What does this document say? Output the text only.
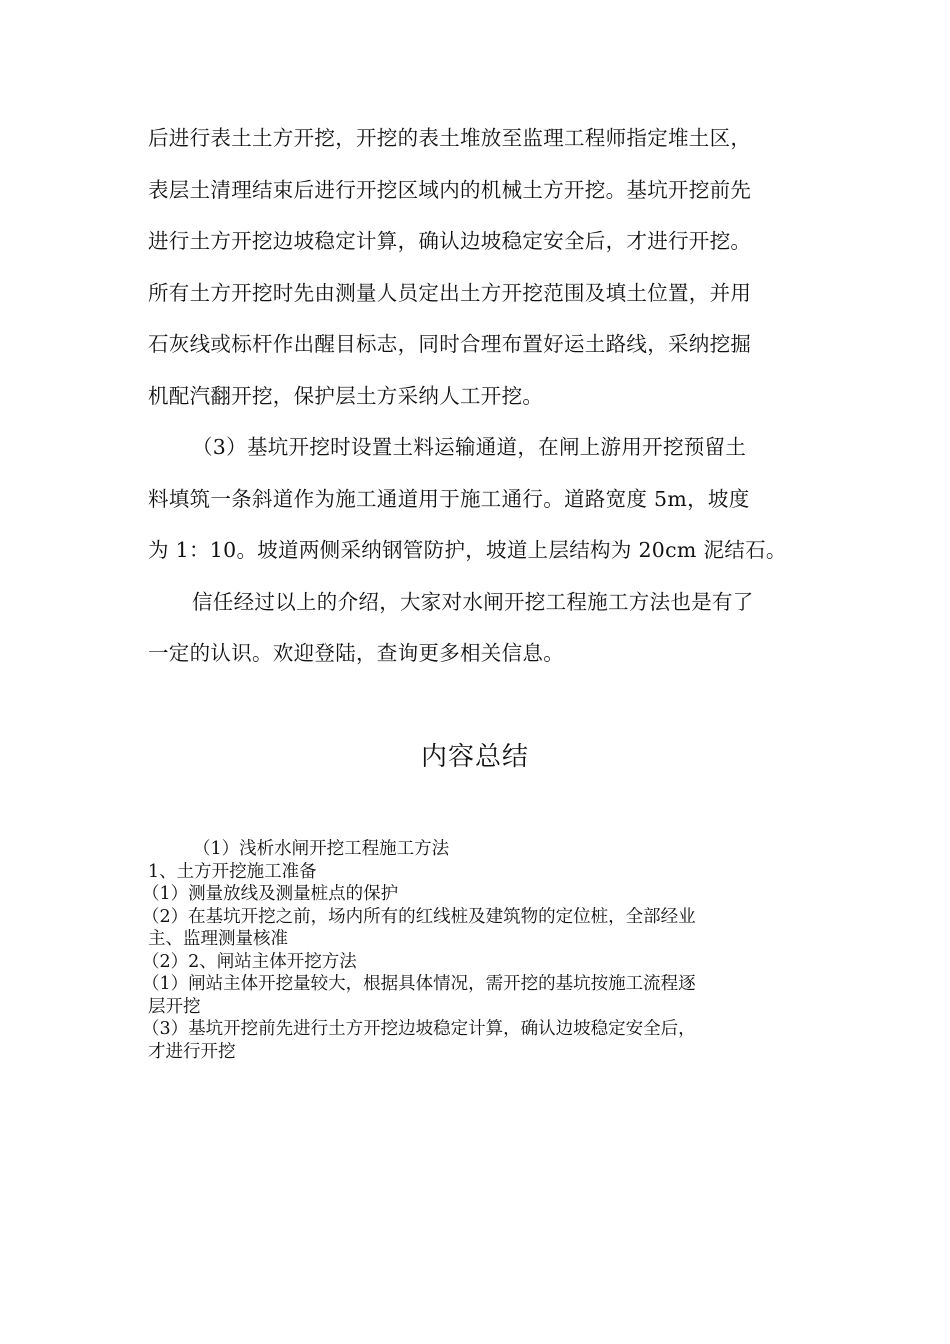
后进行表土土方开挖，开挖的表土堆放至监理工程师指定堆土区，
表层土清理结束后进行开挖区域内的机械土方开挖。基坑开挖前先
进行土方开挖边坡稳定计算，确认边坡稳定安全后，才进行开挖。
所有土方开挖时先由测量人员定出土方开挖范围及填土位置，并用
石灰线或标杆作出醒目标志，同时合理布置好运土路线，采纳挖掘
机配汽翻开挖，保护层土方采纳人工开挖。
（3）基坑开挖时设置土料运输通道，在闸上游用开挖预留土
料填筑一条斜道作为施工通道用于施工通行。道路宽度 5m，坡度
为 1：10。坡道两侧采纳钢管防护，坡道上层结构为 20cm 泥结石。
信任经过以上的介绍，大家对水闸开挖工程施工方法也是有了
一定的认识。欢迎登陆，查询更多相关信息。
内容总结
（1）浅析水闸开挖工程施工方法
1、土方开挖施工准备
（1）测量放线及测量桩点的保护
（2）在基坑开挖之前，场内所有的红线桩及建筑物的定位桩，全部经业
主、监理测量核准
（2）2、闸站主体开挖方法
（1）闸站主体开挖量较大，根据具体情况，需开挖的基坑按施工流程逐
层开挖
（3）基坑开挖前先进行土方开挖边坡稳定计算，确认边坡稳定安全后，
才进行开挖
